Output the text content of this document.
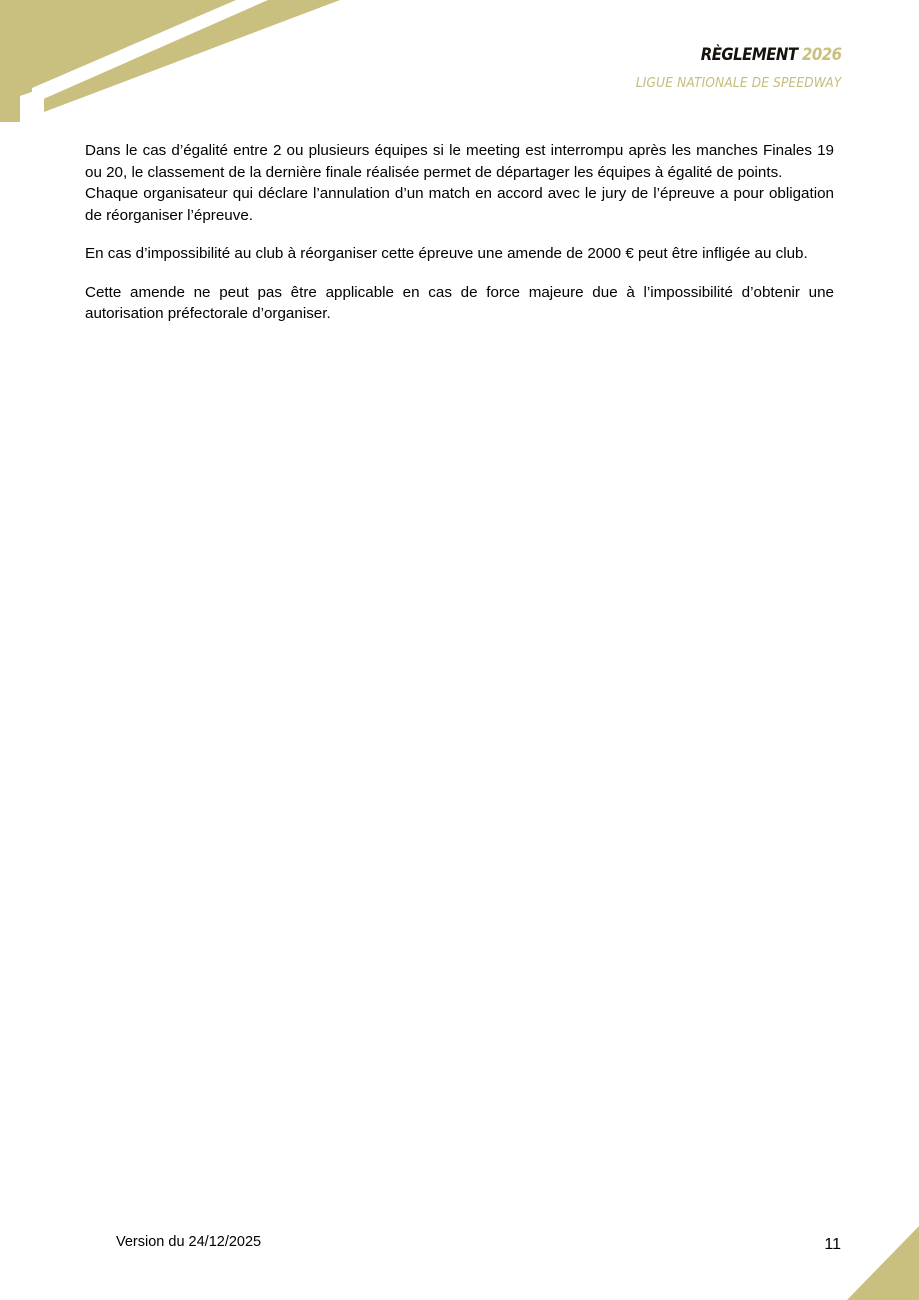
RÈGLEMENT 2026
LIGUE NATIONALE DE SPEEDWAY

Dans le cas d’égalité entre 2 ou plusieurs équipes si le meeting est interrompu après les manches Finales 19 ou 20, le classement de la dernière finale réalisée permet de départager les équipes à égalité de points.

Chaque organisateur qui déclare l’annulation d’un match en accord avec le jury de l’épreuve a pour obligation de réorganiser l’épreuve.

En cas d’impossibilité au club à réorganiser cette épreuve une amende de 2000 € peut être infligée au club.

Cette amende ne peut pas être applicable en cas de force majeure due à l’impossibilité d’obtenir une autorisation préfectorale d’organiser.

Version du 24/12/2025	11
